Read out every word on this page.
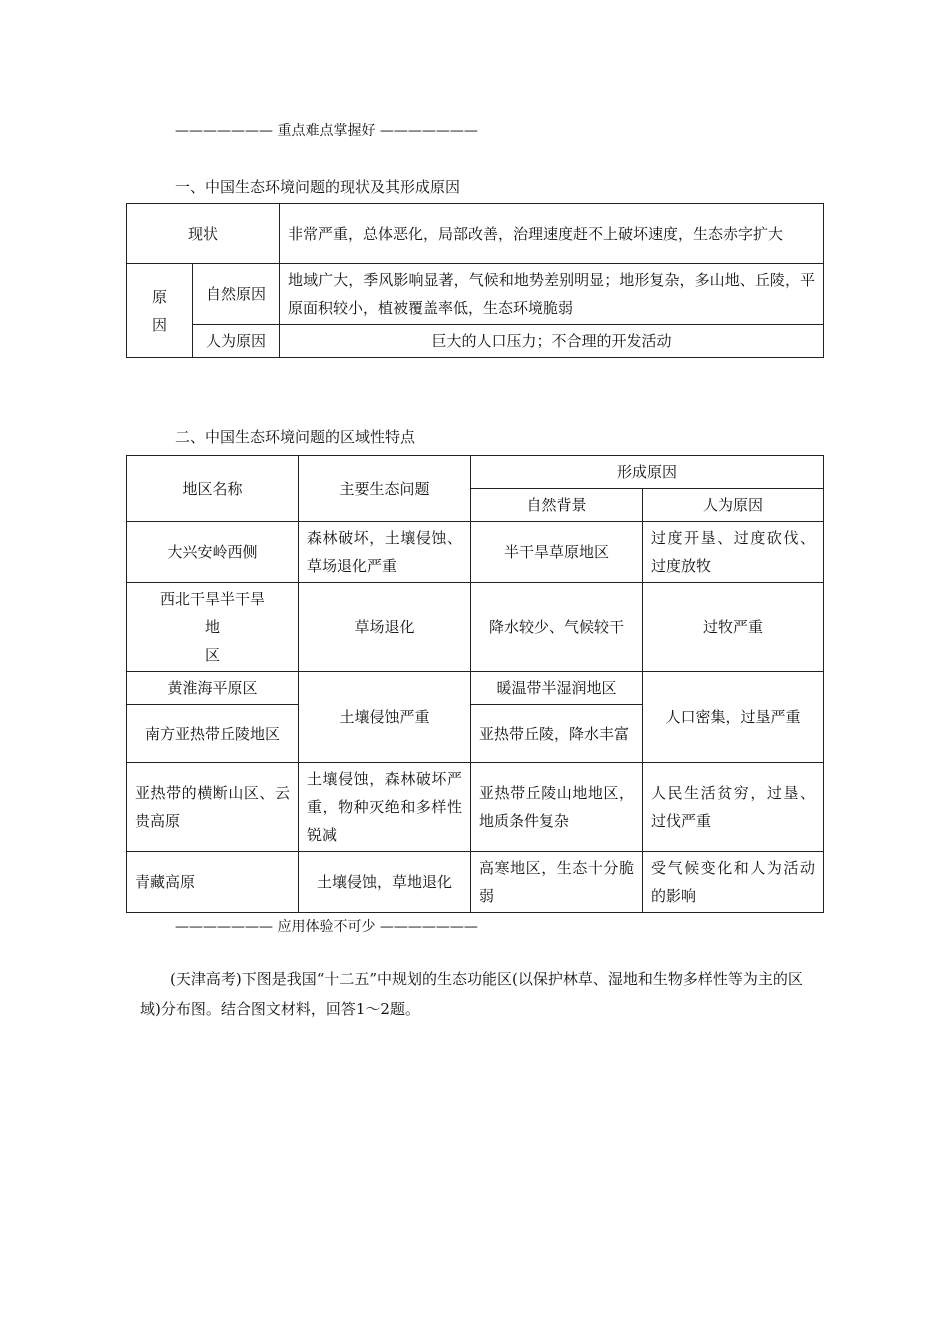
——————— 重点难点掌握好 ———————
一、中国生态环境问题的现状及其形成原因
现状		非常严重，总体恶化，局部改善，治理速度赶不上破坏速度，生态赤字扩大

原
因	自然原因	地域广大，季风影响显著，气候和地势差别明显；地形复杂，多山地、丘陵，平原面积较小，植被覆盖率低，生态环境脆弱
	人为原因	巨大的人口压力；不合理的开发活动
二、中国生态环境问题的区域性特点
地区名称	主要生态问题	形成原因	
		自然背景	人为原因
大兴安岭西侧	森林破坏，土壤侵蚀、草场退化严重	半干旱草原地区	过度开垦、过度砍伐、过度放牧

西北干旱半干旱
地
区	草场退化	降水较少、气候较干	过牧严重
黄淮海平原区	土壤侵蚀严重	暖温带半湿润地区	人口密集，过垦严重
南方亚热带丘陵地区		亚热带丘陵，降水丰富	
亚热带的横断山区、云贵高原	土壤侵蚀，森林破坏严重，物种灭绝和多样性锐减	亚热带丘陵山地地区，地质条件复杂	人民生活贫穷，过垦、过伐严重
青藏高原	土壤侵蚀，草地退化	高寒地区，生态十分脆弱	受气候变化和人为活动的影响
——————— 应用体验不可少 ———————
(天津高考)下图是我国“十二五”中规划的生态功能区(以保护林草、湿地和生物多样性等为主的区域)分布图。结合图文材料，回答1～2题。
